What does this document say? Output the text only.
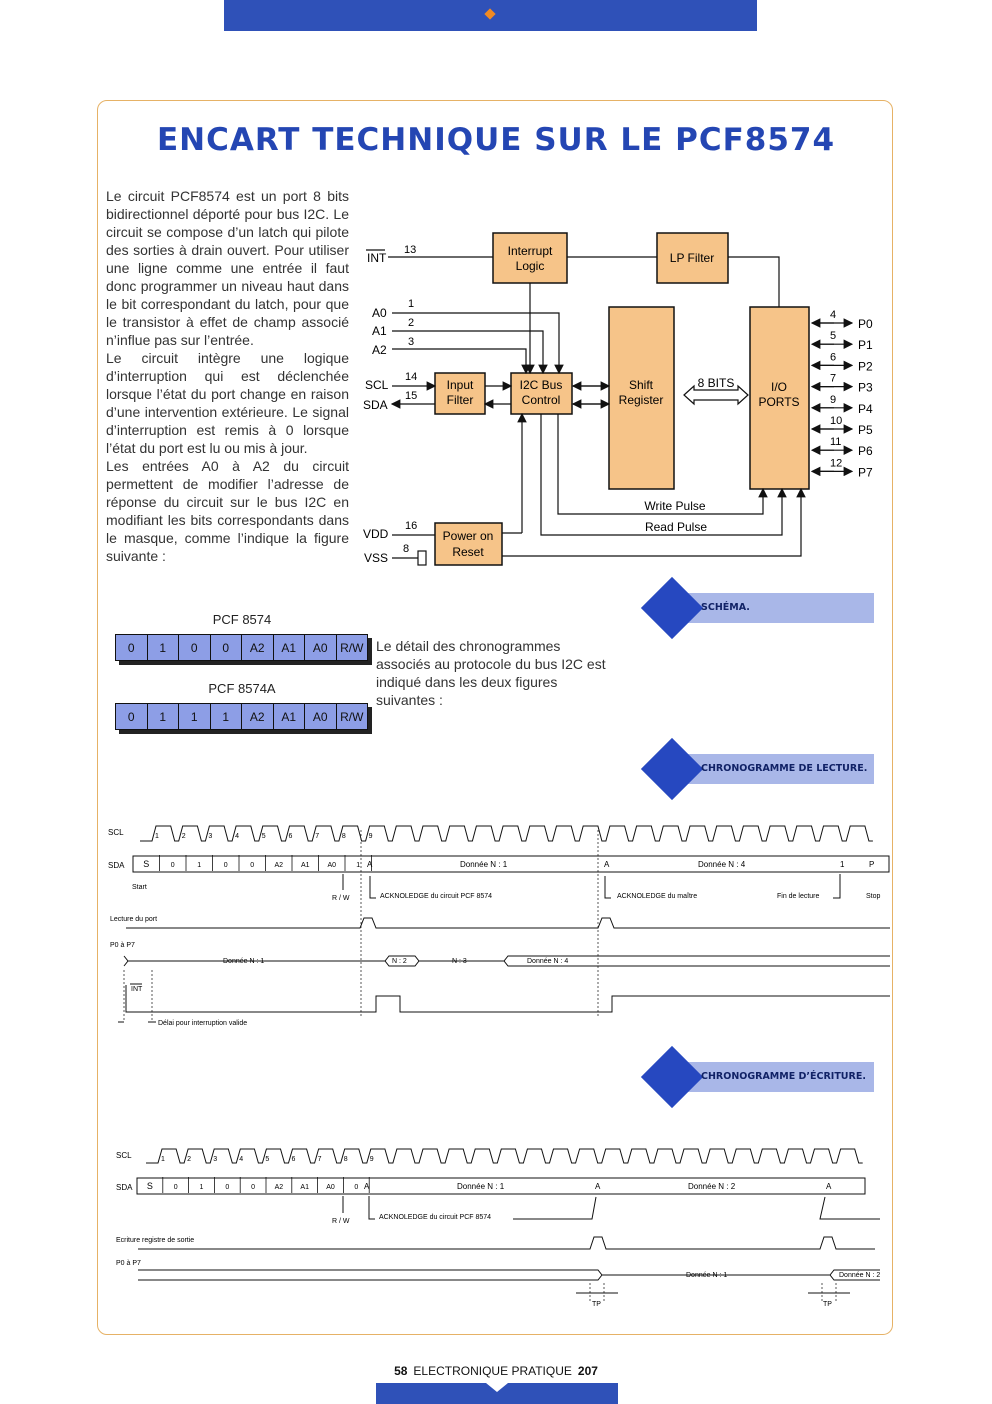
ENCART TECHNIQUE SUR LE PCF8574

Le circuit PCF8574 est un port 8 bits bidirectionnel déporté pour bus I2C. Le circuit se compose d’un latch qui pilote des sorties à drain ouvert. Pour utiliser une ligne comme une entrée il faut donc programmer un niveau haut dans le bit correspondant du latch, pour que le transistor à effet de champ associé n’influe pas sur l’entrée.

Le circuit intègre une logique d’interruption qui est déclenchée lorsque l’état du port change en raison d’une intervention extérieure. Le signal d’interruption est remis à 0 lorsque l’état du port est lu ou mis à jour.

Les entrées A0 à A2 du circuit permettent de modifier l’adresse de réponse du circuit sur le bus I2C en modifiant les bits correspondants dans le masque, comme l’indique la figure suivante :

PCF 8574
0	1	0	0	A2	A1	A0	R/W
PCF 8574A
0	1	1	1	A2	A1	A0	R/W
Le détail des chronogrammes associés au protocole du bus I2C est indiqué dans les deux figures suivantes :
SCHÉMA.
CHRONOGRAMME DE LECTURE.
CHRONOGRAMME D’ÉCRITURE.
Interrupt
Logic
LP Filter
Input
Filter
I2C Bus
Control
Shift
Register
I/O
PORTS
Power on
Reset
INT
13
A0
A1
A2
1
2
3
SCL
SDA
14
15
8 BITS
4
P0
5
P1
6
P2
7
P3
9
P4
10
P5
11
P6
12
P7
Write Pulse
Read Pulse
VDD
VSS
16
8
SCL	1	2	3	4	5	6	7	8	9
SDA S	0	1	0	0	A2	A1	A0	1 A	Donnée N : 1	A	Donnée N : 4	1	P
Start
R / W	ACKNOLEDGE du circuit PCF 8574	ACKNOLEDGE du maître	Fin de lecture	Stop
Lecture du port
P0 à P7
Donnée N : 1	N : 2	N : 3	Donnée N : 4
INT
Délai pour interruption valide
SCL	1	2	3	4	5	6	7	8	9
SDA S	0	1	0	0	A2 A1 A0	0 A	Donnée N : 1	A	Donnée N : 2	A
R / W
ACKNOLEDGE du circuit PCF 8574
Ecriture registre de sortie
P0 à P7
Donnée N : 1	Donnée N : 2
TP	TP
58 ELECTRONIQUE PRATIQUE 207
